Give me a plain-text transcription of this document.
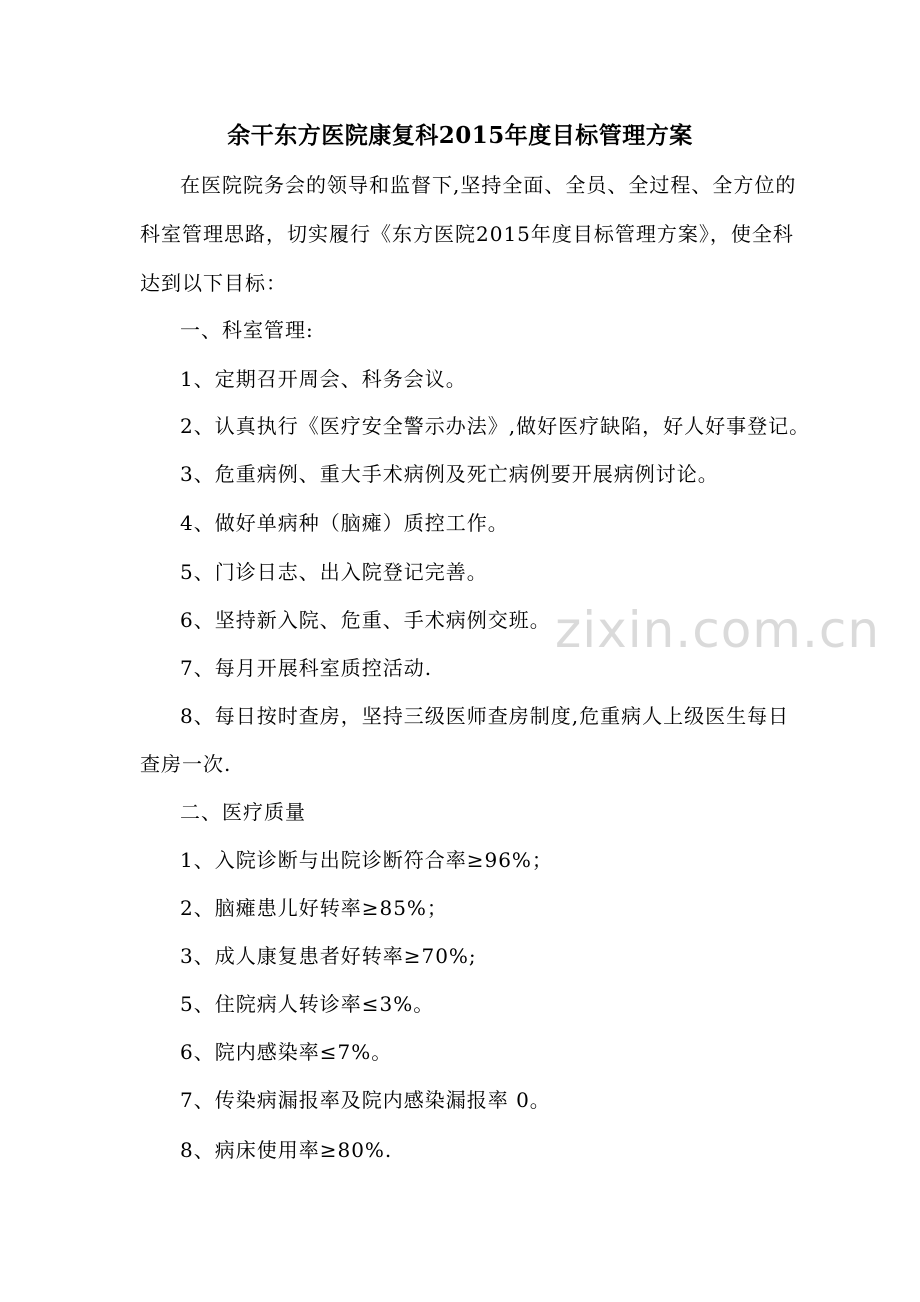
余干东方医院康复科2015年度目标管理方案
在医院院务会的领导和监督下,坚持全面、全员、全过程、全方位的
科室管理思路，切实履行《东方医院2015年度目标管理方案》，使全科
达到以下目标：
一、科室管理:
1、定期召开周会、科务会议。
2、认真执行《医疗安全警示办法》,做好医疗缺陷，好人好事登记。
3、危重病例、重大手术病例及死亡病例要开展病例讨论。
4、做好单病种（脑瘫）质控工作。
5、门诊日志、出入院登记完善。
6、坚持新入院、危重、手术病例交班。
7、每月开展科室质控活动.
8、每日按时查房，坚持三级医师查房制度,危重病人上级医生每日
查房一次.
二、医疗质量
1、入院诊断与出院诊断符合率≥96%；
2、脑瘫患儿好转率≥85%；
3、成人康复患者好转率≥70%;
5、住院病人转诊率≤3%。
6、院内感染率≤7%。
7、传染病漏报率及院内感染漏报率 0。
8、病床使用率≥80%.
zixin.com.cn
